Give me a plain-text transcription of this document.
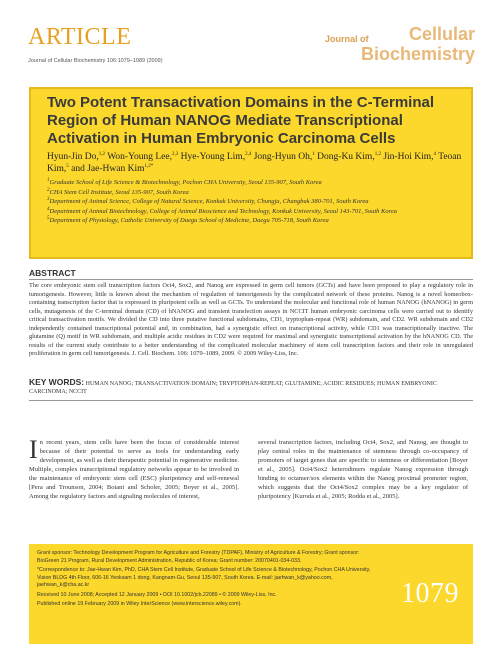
ARTICLE
Journal of Cellular Biochemistry 106:1079–1089 (2009)
Journal of	Cellular
Biochemistry
Two Potent Transactivation Domains in the C-Terminal Region of Human NANOG Mediate Transcriptional Activation in Human Embryonic Carcinoma Cells
Hyun-Jin Do,$^{1,2}$ Won-Young Lee,$^{2,3}$ Hye-Young Lim,$^{2,4}$ Jong-Hyun Oh,$^1$ Dong-Ku Kim,$^{1,2}$ Jin-Hoi Kim,$^4$ Teoan Kim,$^5$ and Jae-Hwan Kim$^{1,2*}$
$^1$Graduate School of Life Science & Biotechnology, Pochon CHA University, Seoul 135-907, South Korea
$^2$CHA Stem Cell Institute, Seoul 135-907, South Korea
$^3$Department of Animal Science, College of Natural Science, Konkuk University, Chungju, Chungbuk 380-701, South Korea
$^4$Department of Animal Biotechnology, College of Animal Bioscience and Technology, Konkuk University, Seoul 143-701, South Korea
$^5$Department of Physiology, Catholic University of Daegu School of Medicine, Daegu 705-718, South Korea
ABSTRACT
The core embryonic stem cell transcription factors Oct4, Sox2, and Nanog are expressed in germ cell tumors (GCTs) and have been proposed to play a regulatory role in tumorigenesis. However, little is known about the mechanism of regulation of tumorigenesis by the complicated network of these proteins. Nanog is a novel homeobox-containing transcription factor that is expressed in pluripotent cells as well as GCTs. To understand the molecular and functional role of human NANOG (hNANOG) in germ cells, mutagenesis of the C-terminal domain (CD) of hNANOG and transient transfection assays in NCCIT human embryonic carcinoma cells were carried out to identify critical transactivation motifs. We divided the CD into three putative functional subdomains, CD1, tryptophan-repeat (WR) subdomain, and CD2. WR subdomain and CD2 independently contained transcriptional potential and, in combination, had a synergistic effect on transcriptional activity, while CD1 was transcriptionally inactive. The glutamine (Q) motif in WR subdomain, and multiple acidic residues in CD2 were required for maximal and synergistic transcriptional activation by the hNANOG CD. The results of the current study contribute to a better understanding of the complicated molecular machinery of stem cell transcription factors and their role in unregulated proliferation in germ cell tumorigenesis. J. Cell. Biochem. 106: 1079–1089, 2009. © 2009 Wiley-Liss, Inc.
KEY WORDS: HUMAN NANOG; TRANSACTIVATION DOMAIN; TRYPTOPHAN-REPEAT; GLUTAMINE; ACIDIC RESIDUES; HUMAN EMBRYONIC CARCINOMA; NCCIT
In recent years, stem cells have been the focus of considerable interest because of their potential to serve as tools for understanding early development, as well as their therapeutic potential in regenerative medicine. Multiple, complex transcriptional regulatory networks appear to be involved in the maintenance of embryonic stem cell (ESC) pluripotency and self-renewal [Pera and Trounson, 2004; Boiani and Scholer, 2005; Boyer et al., 2005]. Among the regulatory factors and signaling molecules of interest,
several transcription factors, including Oct4, Sox2, and Nanog, are thought to play central roles in the maintenance of stemness through co-occupancy of promoters of target genes that are specific to stemness or differentiation [Boyer et al., 2005]. Oct4/Sox2 heterodimers regulate Nanog expression through binding to octamer/sox elements within the Nanog proximal promoter region, which suggests that the Oct4/Sox2 complex may be a key regulator of pluripotency [Kuroda et al., 2005; Rodda et al., 2005].
Grant sponsor: Technology Development Program for Agriculture and Forestry (TDPAF), Ministry of Agriculture & Forestry; Grant sponsor: BioGreen 21 Program, Rural Development Administration, Republic of Korea; Grant number: 20070401-034-033.
*Correspondence to: Jae-Hwan Kim, PhD, CHA Stem Cell Institute, Graduate School of Life Science & Biotechnology, Pochon CHA University, Vision BLDG 4th Floor, 606-16 Yeoksam 1 dong, Kangnam-Gu, Seoul 135-907, South Korea. E-mail: jaehwan_k@yahoo.com, jaehwan_k@cha.ac.kr
Received 10 June 2008; Accepted 12 January 2009 • DOI 10.1002/jcb.22089 • © 2009 Wiley-Liss, Inc.
Published online 19 February 2009 in Wiley InterScience (www.interscience.wiley.com).	1079
